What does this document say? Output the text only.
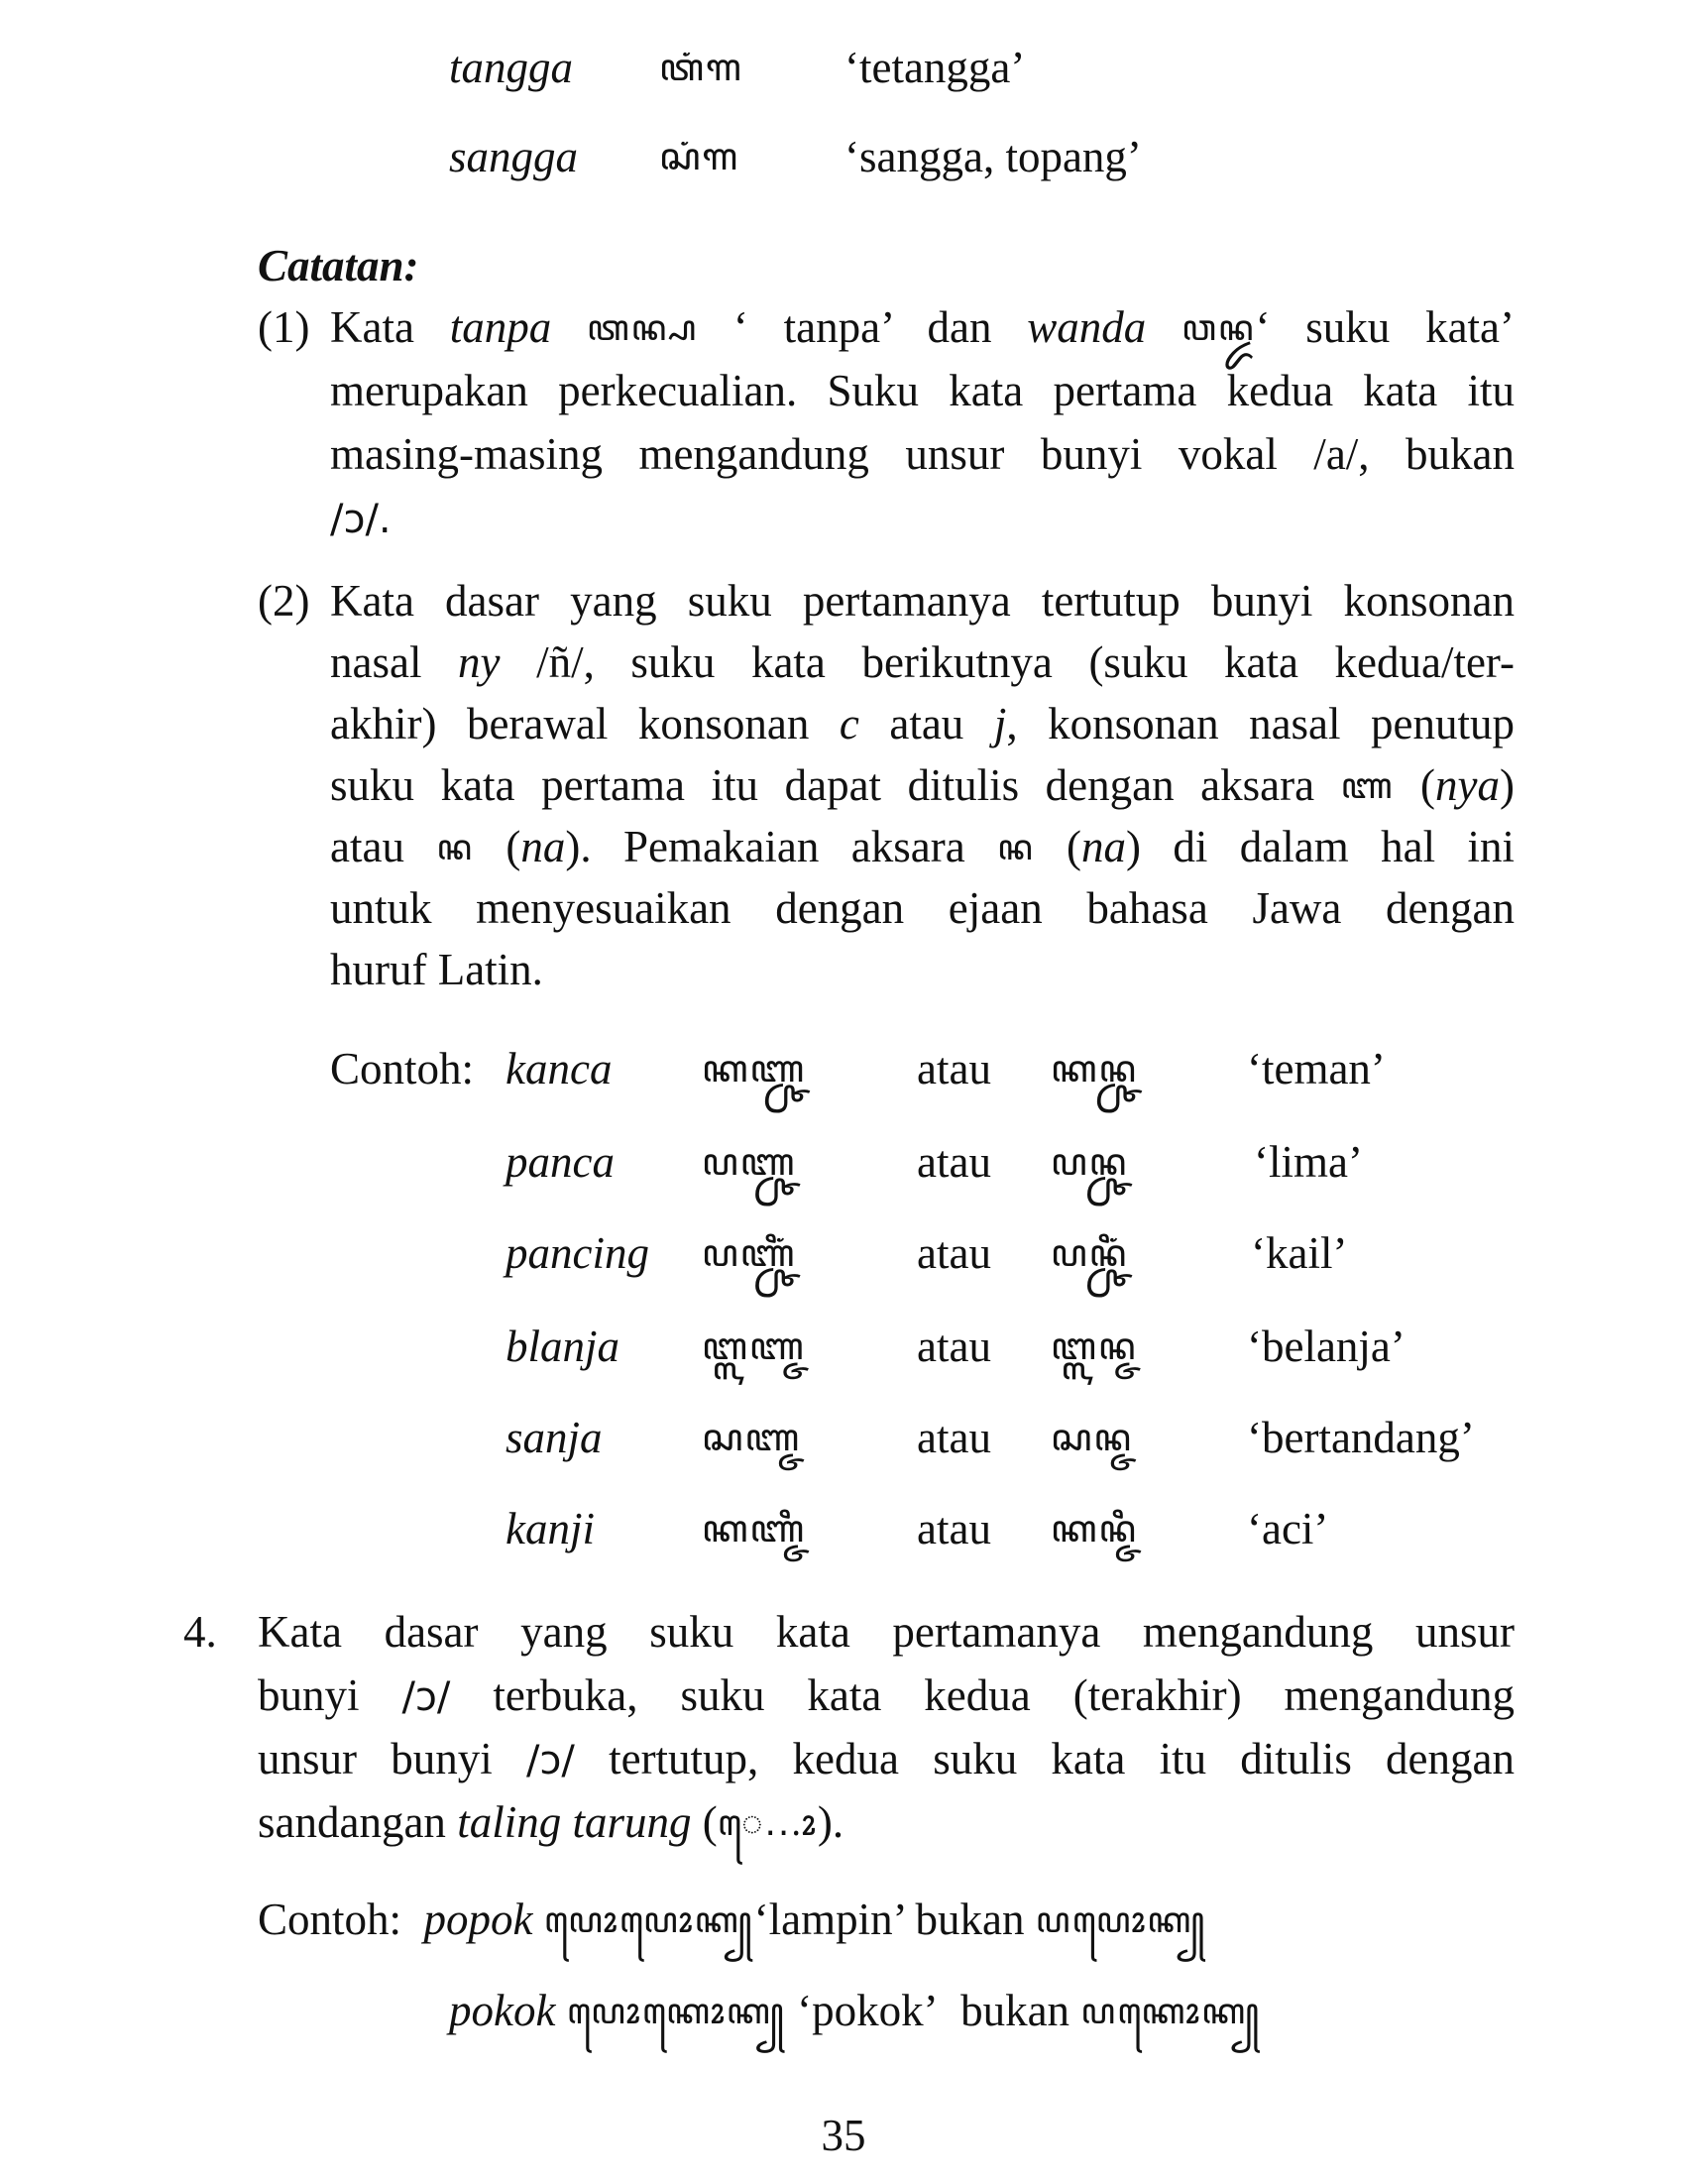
tangga ꦠꦁꦒ ‘tetangga’
sangga ꦱꦁꦒ ‘sangga, topang’
Catatan:
(1) Kata tanpa ꦠꦤ꧀ꦥ ‘ tanpa’ dan wanda ꦮꦤ꧀ꦢ‘ suku kata’
merupakan perkecualian. Suku kata pertama kedua kata itu
masing-masing mengandung unsur bunyi vokal /a/, bukan
/ɔ/.
(2) Kata dasar yang suku pertamanya tertutup bunyi konsonan
nasal ny /ñ/, suku kata berikutnya (suku kata kedua/ter-
akhir) berawal konsonan c atau j, konsonan nasal penutup
suku kata pertama itu dapat ditulis dengan aksara ꦚ (nya)
atau ꦤ (na). Pemakaian aksara ꦤ (na) di dalam hal ini
untuk menyesuaikan dengan ejaan bahasa Jawa dengan
huruf Latin.
Contoh: kanca ꦏꦚ꧀ꦕ atau ꦏꦤ꧀ꦕ ‘teman’
panca ꦥꦚ꧀ꦕ	atau ꦥꦤ꧀ꦕ	‘lima’
pancing ꦥꦚ꧀ꦕꦶꦁ	atau ꦥꦤ꧀ꦕꦶꦁ	‘kail’
blanja ꦧ꧀ꦭꦚ꧀ꦗ atau ꦧ꧀ꦭꦤ꧀ꦗ ‘belanja’
sanja	ꦱꦚ꧀ꦗ	atau ꦱꦤ꧀ꦗ	‘bertandang’
kanji	ꦏꦚ꧀ꦗꦶ atau ꦏꦤ꧀ꦗꦶ ‘aci’
4. Kata dasar yang suku kata pertamanya mengandung unsur
bunyi /ɔ/ terbuka, suku kata kedua (terakhir) mengandung
unsur bunyi /ɔ/ tertutup, kedua suku kata itu ditulis dengan
sandangan taling tarung (ꦺ...ꦴ).
Contoh: popok ꦥꦺꦴꦥꦺꦴꦏ꧀‘lampin’ bukan ꦥꦥꦺꦴꦏ꧀
pokok ꦥꦺꦴꦏꦺꦴꦏ꧀ ‘pokok’ bukan ꦥꦏꦺꦴꦏ꧀
35
